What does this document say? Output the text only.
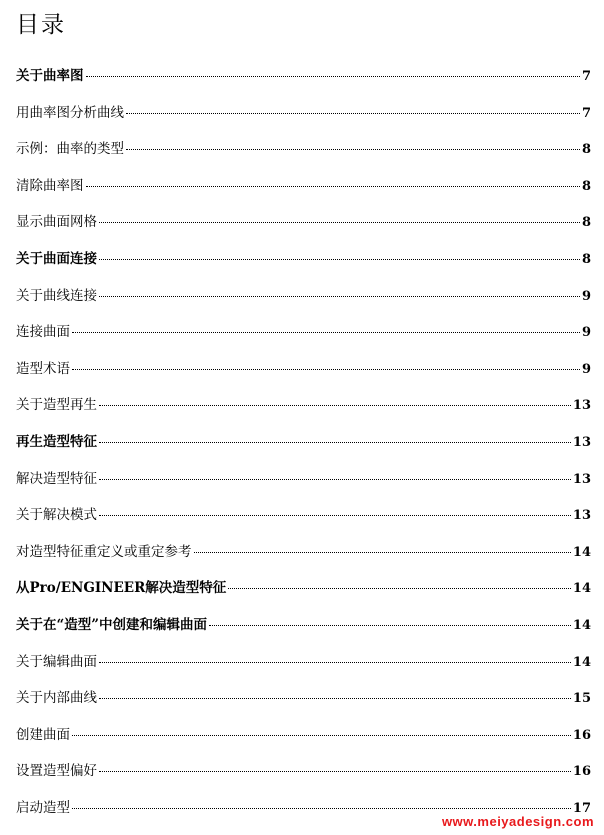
目录
关于曲率图	7
用曲率图分析曲线	7
示例：曲率的类型	8
清除曲率图	8
显示曲面网格	8
关于曲面连接	8
关于曲线连接	9
连接曲面	9
造型术语	9
关于造型再生	13
再生造型特征	13
解决造型特征	13
关于解决模式	13
对造型特征重定义或重定参考	14
从Pro/ENGINEER解决造型特征	14
关于在“造型”中创建和编辑曲面	14
关于编辑曲面	14
关于内部曲线	15
创建曲面	16
设置造型偏好	16
启动造型	17
www.meiyadesign.com
